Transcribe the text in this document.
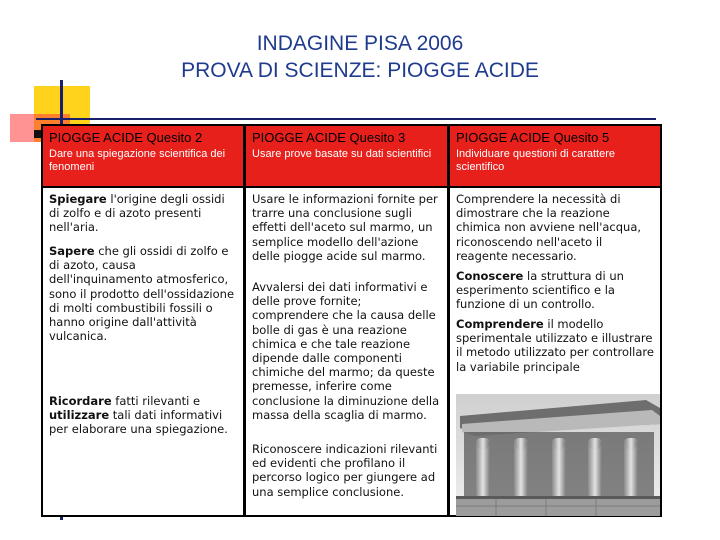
INDAGINE PISA 2006
PROVA DI SCIENZE: PIOGGE ACIDE
PIOGGE ACIDE Quesito 2
Dare una spiegazione scientifica dei fenomeni
PIOGGE ACIDE Quesito 3
Usare prove basate su dati scientifici
PIOGGE ACIDE Quesito 5
Individuare questioni di carattere scientifico
Spiegare l'origine degli ossidi di zolfo e di azoto presenti nell'aria.
Sapere che gli ossidi di zolfo e di azoto, causa dell'inquinamento atmosferico, sono il prodotto dell'ossidazione di molti combustibili fossili o hanno origine dall'attività vulcanica.
Ricordare fatti rilevanti e utilizzare tali dati informativi per elaborare una spiegazione.
Usare le informazioni fornite per trarre una conclusione sugli effetti dell'aceto sul marmo, un semplice modello dell'azione delle piogge acide sul marmo.
Avvalersi dei dati informativi e delle prove fornite; comprendere che la causa delle bolle di gas è una reazione chimica e che tale reazione dipende dalle componenti chimiche del marmo; da queste premesse, inferire come conclusione la diminuzione della massa della scaglia di marmo.
Riconoscere indicazioni rilevanti ed evidenti che profilano il percorso logico per giungere ad una semplice conclusione.
Comprendere la necessità di dimostrare che la reazione chimica non avviene nell'acqua, riconoscendo nell'aceto il reagente necessario.
Conoscere la struttura di un esperimento scientifico e la funzione di un controllo.
Comprendere il modello sperimentale utilizzato e illustrare il metodo utilizzato per controllare la variabile principale
